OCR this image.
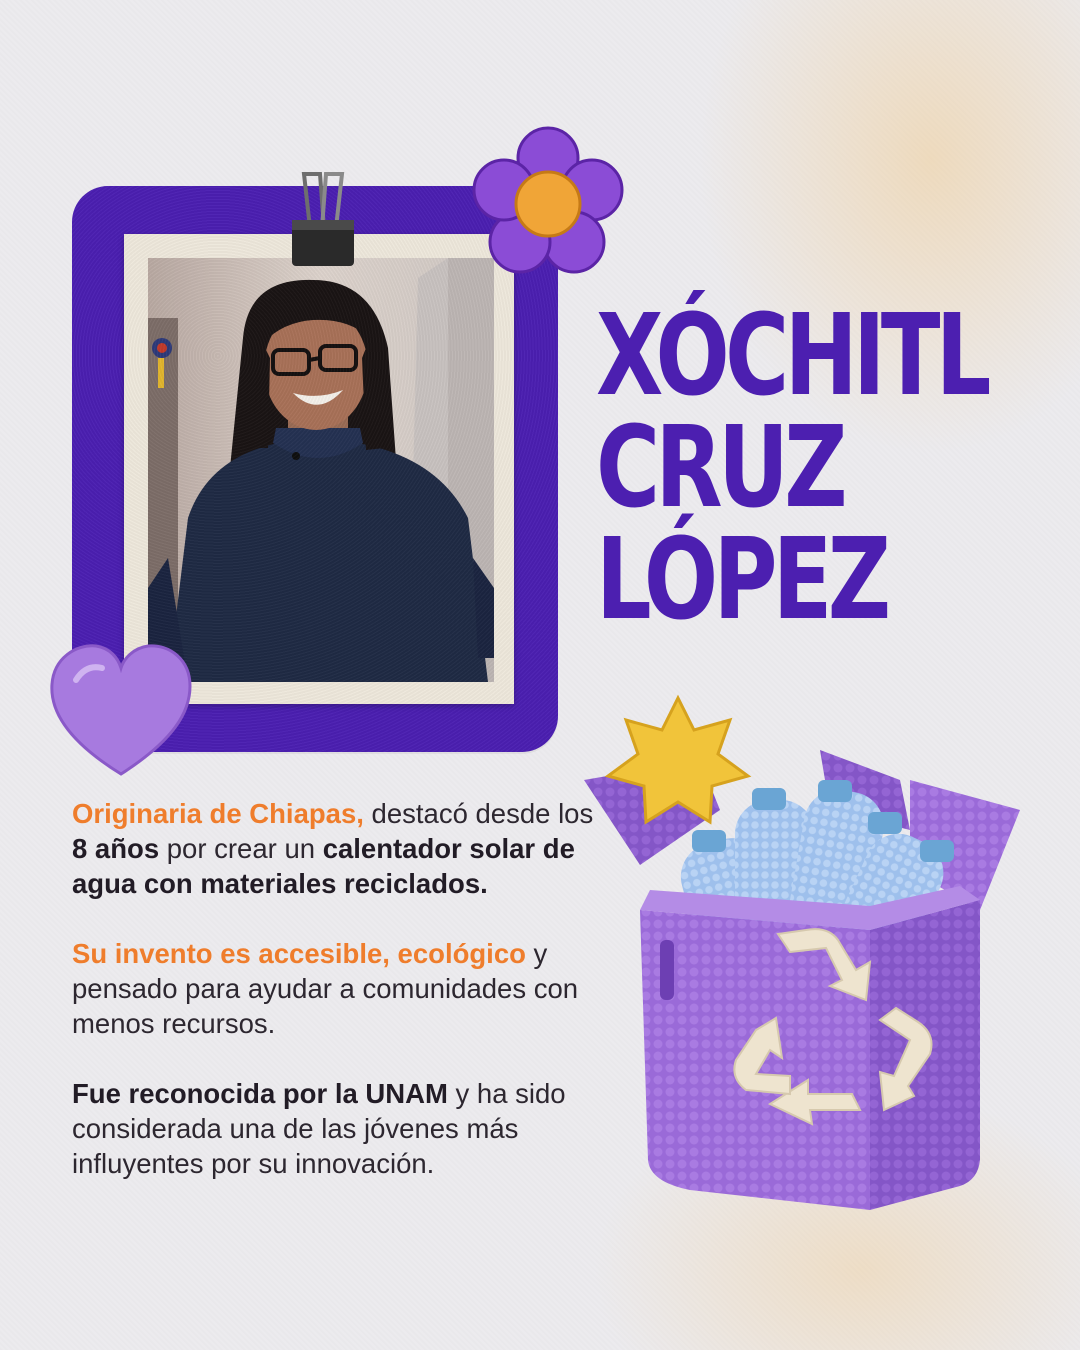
XÓCHITL
CRUZ
LÓPEZ

Originaria de Chiapas, destacó desde los 8 años por crear un calentador solar de agua con materiales reciclados.

Su invento es accesible, ecológico y pensado para ayudar a comunidades con menos recursos.

Fue reconocida por la UNAM y ha sido considerada una de las jóvenes más influyentes por su innovación.
